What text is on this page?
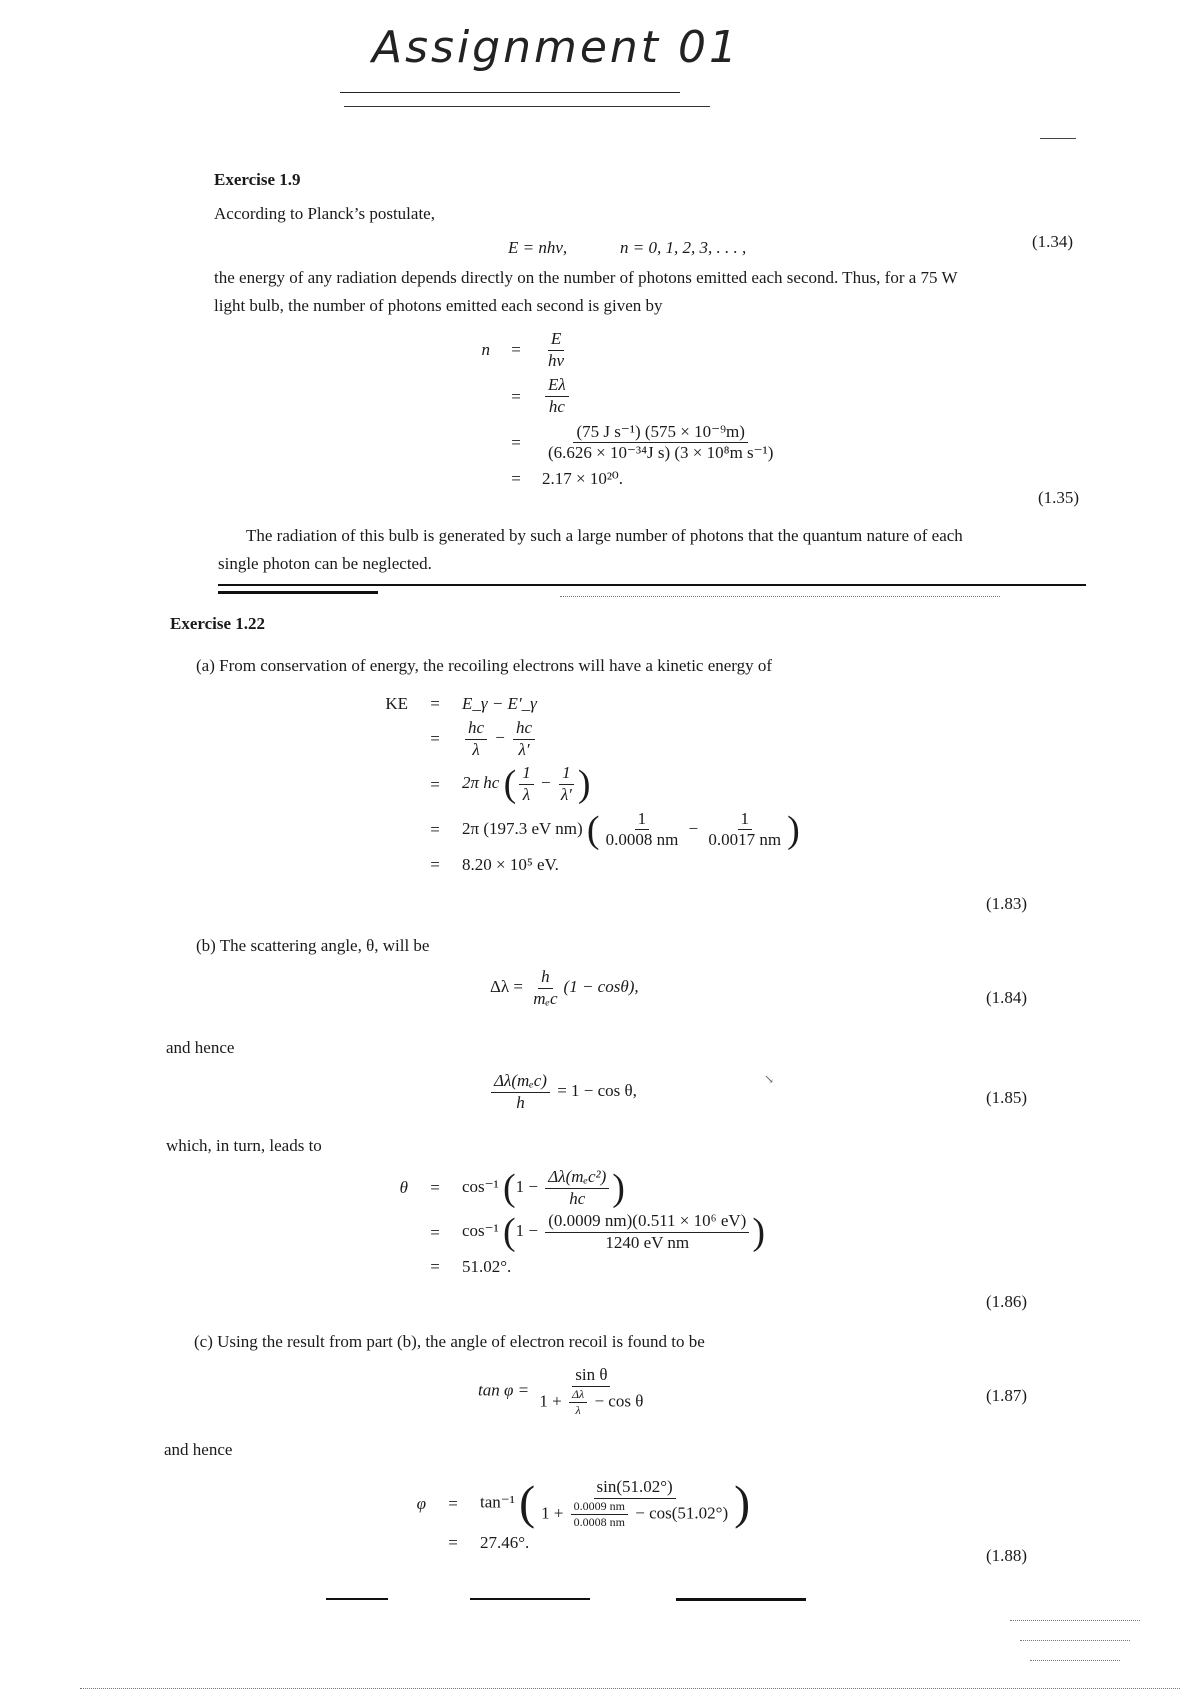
Assignment 01
Exercise 1.9
According to Planck’s postulate,
E = nhν,	n = 0, 1, 2, 3, . . . ,	(1.34)
the energy of any radiation depends directly on the number of photons emitted each second. Thus, for a 75 W
light bulb, the number of photons emitted each second is given by
n	=	$\frac{E}{h\nu}$
=	$\frac{E\lambda}{hc}$
=	$\frac{\text{(75 J s⁻¹) (575 × 10⁻⁹m)}}{\text{(6.626 × 10⁻³⁴J s) (3 × 10⁸m s⁻¹)}}$
=	2.17 × 10²⁰.
(1.35)
The radiation of this bulb is generated by such a large number of photons that the quantum nature of each
single photon can be neglected.
Exercise 1.22
(a) From conservation of energy, the recoiling electrons will have a kinetic energy of
KE	=	E_γ − E′_γ
=	$\frac{hc}{\lambda} - \frac{hc}{\lambda'}$
=	2π hc ( $\frac{1}{\lambda} - \frac{1}{\lambda'}$ )
=	2π (197.3 eV nm) ( $\frac{1}{0.0008 nm} - \frac{1}{0.0017 nm}$ )
=	8.20 × 10⁵ eV.
(1.83)
(b) The scattering angle, θ, will be
$\Delta\lambda = \frac{h}{\text{mₑc}} (1 - \cos\theta)$,
(1.84)
and hence
$\frac{\text{Δλ(mₑc)}}{h} = 1 - \cos \theta$,	(1.85)
↘
which, in turn, leads to
θ	=	cos⁻¹ ($1 - \frac{\text{Δλ(mₑc²)}}{hc}$ )
=	cos⁻¹ ($1 - \frac{\text{(0.0009 nm)(0.511 × 10⁶ eV)}}{\text{1240 eV nm}}$ )
=	51.02°.
(1.86)
(c) Using the result from part (b), the angle of electron recoil is found to be
$\tan \varphi = \frac{\text{sin θ}}{1 + \frac{\Delta\lambda}{\lambda} - \cos \theta}$	(1.87)
and hence
φ	=	tan⁻¹ ( $\frac{\sin(51.02^\circ)}{1 + \frac{0.0009 nm}{0.0008 nm} - \cos(51.02^\circ)}$ )
=	27.46°.
(1.88)
